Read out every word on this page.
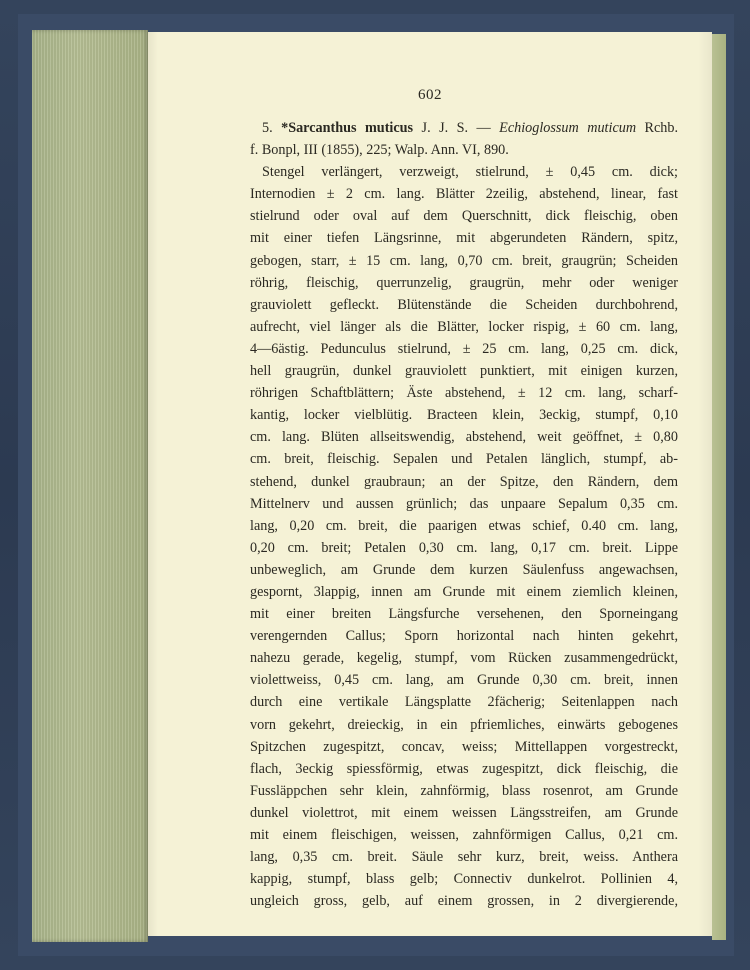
602
5. *Sarcanthus muticus J. J. S. — Echioglossum muticum Rchb.
f. Bonpl, III (1855), 225; Walp. Ann. VI, 890.
Stengel verlängert, verzweigt, stielrund, ± 0,45 cm. dick;
Internodien ± 2 cm. lang. Blätter 2zeilig, abstehend, linear, fast
stielrund oder oval auf dem Querschnitt, dick fleischig, oben
mit einer tiefen Längsrinne, mit abgerundeten Rändern, spitz,
gebogen, starr, ± 15 cm. lang, 0,70 cm. breit, graugrün; Scheiden
röhrig, fleischig, querrunzelig, graugrün, mehr oder weniger
grauviolett gefleckt. Blütenstände die Scheiden durchbohrend,
aufrecht, viel länger als die Blätter, locker rispig, ± 60 cm. lang,
4—6ästig. Pedunculus stielrund, ± 25 cm. lang, 0,25 cm. dick,
hell graugrün, dunkel grauviolett punktiert, mit einigen kurzen,
röhrigen Schaftblättern; Äste abstehend, ± 12 cm. lang, scharf-
kantig, locker vielblütig. Bracteen klein, 3eckig, stumpf, 0,10
cm. lang. Blüten allseitswendig, abstehend, weit geöffnet, ± 0,80
cm. breit, fleischig. Sepalen und Petalen länglich, stumpf, ab-
stehend, dunkel graubraun; an der Spitze, den Rändern, dem
Mittelnerv und aussen grünlich; das unpaare Sepalum 0,35 cm.
lang, 0,20 cm. breit, die paarigen etwas schief, 0.40 cm. lang,
0,20 cm. breit; Petalen 0,30 cm. lang, 0,17 cm. breit. Lippe
unbeweglich, am Grunde dem kurzen Säulenfuss angewachsen,
gespornt, 3lappig, innen am Grunde mit einem ziemlich kleinen,
mit einer breiten Längsfurche versehenen, den Sporneingang
verengernden Callus; Sporn horizontal nach hinten gekehrt,
nahezu gerade, kegelig, stumpf, vom Rücken zusammengedrückt,
violettweiss, 0,45 cm. lang, am Grunde 0,30 cm. breit, innen
durch eine vertikale Längsplatte 2fächerig; Seitenlappen nach
vorn gekehrt, dreieckig, in ein pfriemliches, einwärts gebogenes
Spitzchen zugespitzt, concav, weiss; Mittellappen vorgestreckt,
flach, 3eckig spiessförmig, etwas zugespitzt, dick fleischig, die
Fussläppchen sehr klein, zahnförmig, blass rosenrot, am Grunde
dunkel violettrot, mit einem weissen Längsstreifen, am Grunde
mit einem fleischigen, weissen, zahnförmigen Callus, 0,21 cm.
lang, 0,35 cm. breit. Säule sehr kurz, breit, weiss. Anthera
kappig, stumpf, blass gelb; Connectiv dunkelrot. Pollinien 4,
ungleich gross, gelb, auf einem grossen, in 2 divergierende,
